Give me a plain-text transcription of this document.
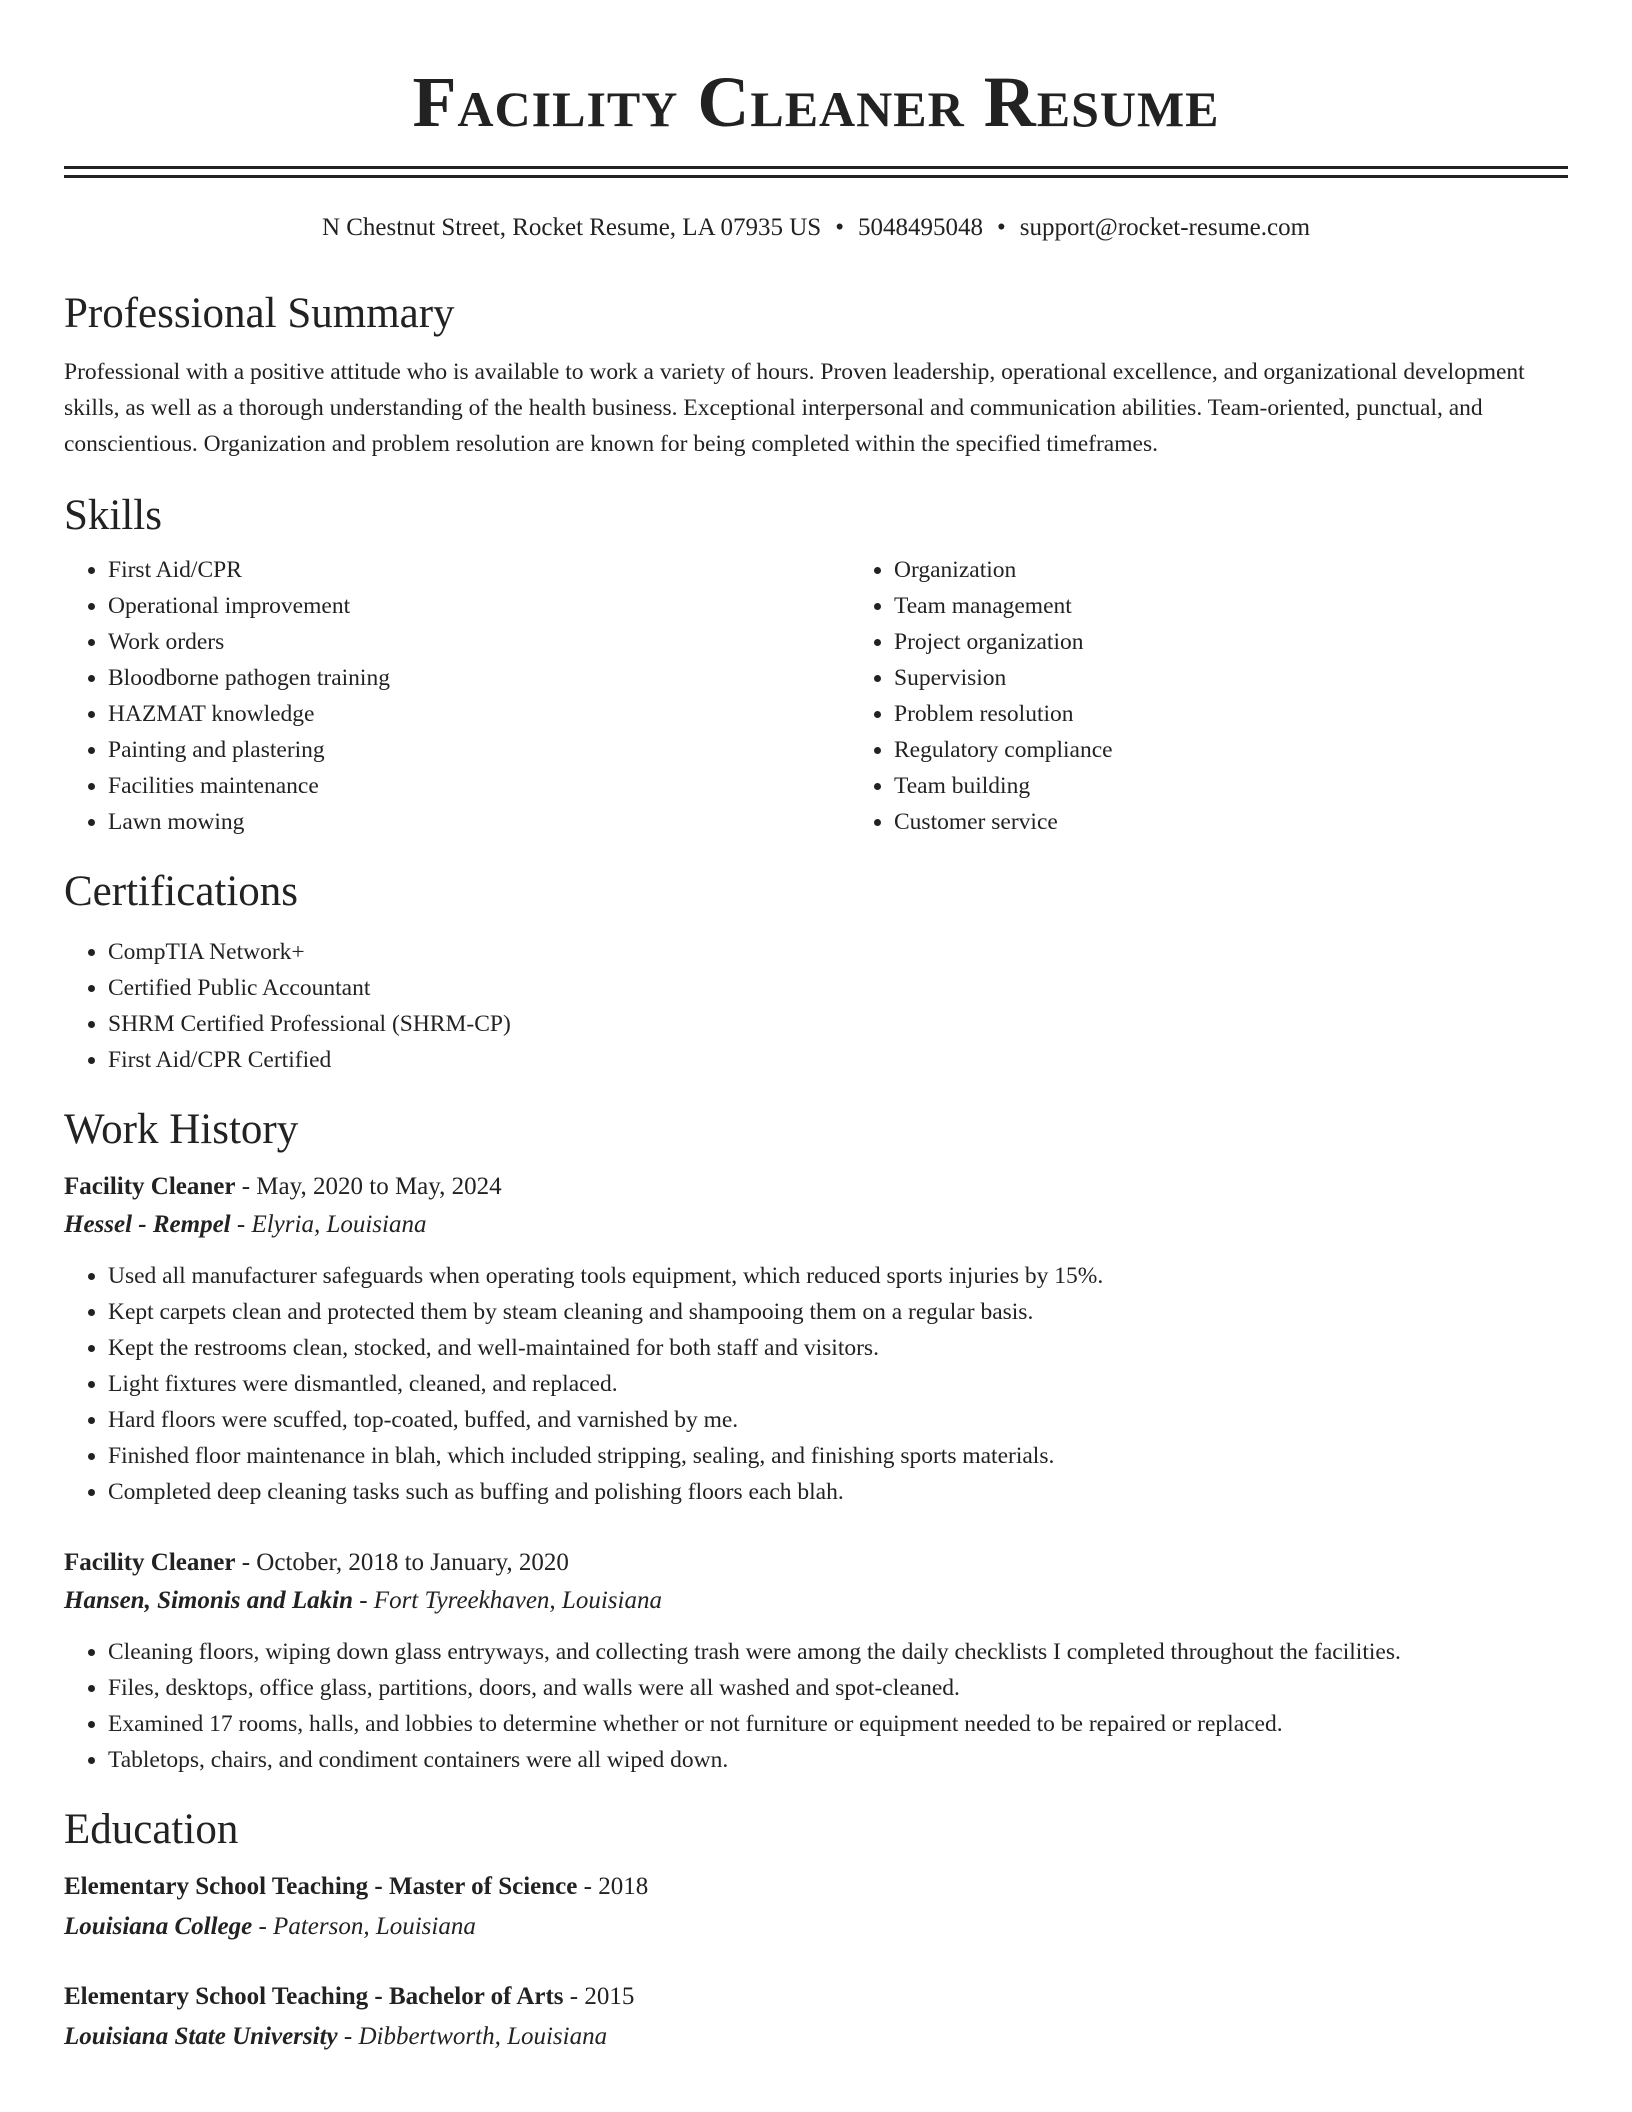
Facility Cleaner Resume
N Chestnut Street, Rocket Resume, LA 07935 US • 5048495048 • support@rocket-resume.com
Professional Summary

Professional with a positive attitude who is available to work a variety of hours. Proven leadership, operational excellence, and organizational development skills, as well as a thorough understanding of the health business. Exceptional interpersonal and communication abilities. Team-oriented, punctual, and conscientious. Organization and problem resolution are known for being completed within the specified timeframes.

Skills
• First Aid/CPR
• Operational improvement
• Work orders
• Bloodborne pathogen training
• HAZMAT knowledge
• Painting and plastering
• Facilities maintenance
• Lawn mowing
• Organization
• Team management
• Project organization
• Supervision
• Problem resolution
• Regulatory compliance
• Team building
• Customer service
Certifications
• CompTIA Network+
• Certified Public Accountant
• SHRM Certified Professional (SHRM-CP)
• First Aid/CPR Certified
Work History
Facility Cleaner - May, 2020 to May, 2024
Hessel - Rempel - Elyria, Louisiana
• Used all manufacturer safeguards when operating tools equipment, which reduced sports injuries by 15%.
• Kept carpets clean and protected them by steam cleaning and shampooing them on a regular basis.
• Kept the restrooms clean, stocked, and well-maintained for both staff and visitors.
• Light fixtures were dismantled, cleaned, and replaced.
• Hard floors were scuffed, top-coated, buffed, and varnished by me.
• Finished floor maintenance in blah, which included stripping, sealing, and finishing sports materials.
• Completed deep cleaning tasks such as buffing and polishing floors each blah.
Facility Cleaner - October, 2018 to January, 2020
Hansen, Simonis and Lakin - Fort Tyreekhaven, Louisiana
• Cleaning floors, wiping down glass entryways, and collecting trash were among the daily checklists I completed throughout the facilities.
• Files, desktops, office glass, partitions, doors, and walls were all washed and spot-cleaned.
• Examined 17 rooms, halls, and lobbies to determine whether or not furniture or equipment needed to be repaired or replaced.
• Tabletops, chairs, and condiment containers were all wiped down.
Education
Elementary School Teaching - Master of Science - 2018
Louisiana College - Paterson, Louisiana
Elementary School Teaching - Bachelor of Arts - 2015
Louisiana State University - Dibbertworth, Louisiana
